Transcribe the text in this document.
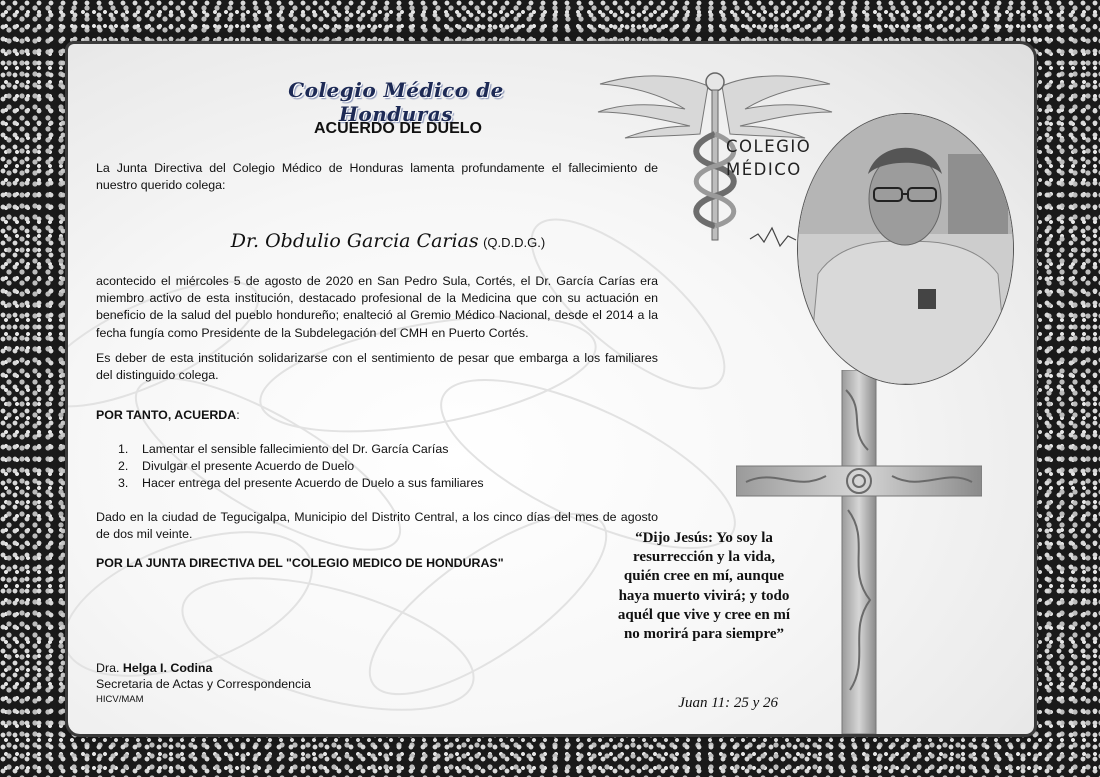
COLEGIO
MÉDICO
Colegio Médico de Honduras
ACUERDO DE DUELO
La Junta Directiva del Colegio Médico de Honduras lamenta profundamente el fallecimiento de nuestro querido colega:
Dr. Obdulio Garcia Carias (Q.D.D.G.)
acontecido el miércoles 5 de agosto de 2020 en San Pedro Sula, Cortés, el Dr. García Carías era miembro activo de esta institución, destacado profesional de la Medicina que con su actuación en beneficio de la salud del pueblo hondureño; enalteció al Gremio Médico Nacional, desde el 2014 a la fecha fungía como Presidente de la Subdelegación del CMH en Puerto Cortés.
Es deber de esta institución solidarizarse con el sentimiento de pesar que embarga a los familiares del distinguido colega.
POR TANTO, ACUERDA:
1.	Lamentar el sensible fallecimiento del Dr. García Carías
2.	Divulgar el presente Acuerdo de Duelo
3.	Hacer entrega del presente Acuerdo de Duelo a sus familiares
Dado en la ciudad de Tegucigalpa, Municipio del Distrito Central, a los cinco días del mes de agosto de dos mil veinte.
POR LA JUNTA DIRECTIVA DEL "COLEGIO MEDICO DE HONDURAS"
Dra. Helga I. Codina
Secretaria de Actas y Correspondencia
HICV/MAM
“Dijo Jesús: Yo soy la resurrección y la vida, quién cree en mí, aunque haya muerto vivirá; y todo aquél que vive y cree en mí no morirá para siempre”
Juan 11: 25 y 26
